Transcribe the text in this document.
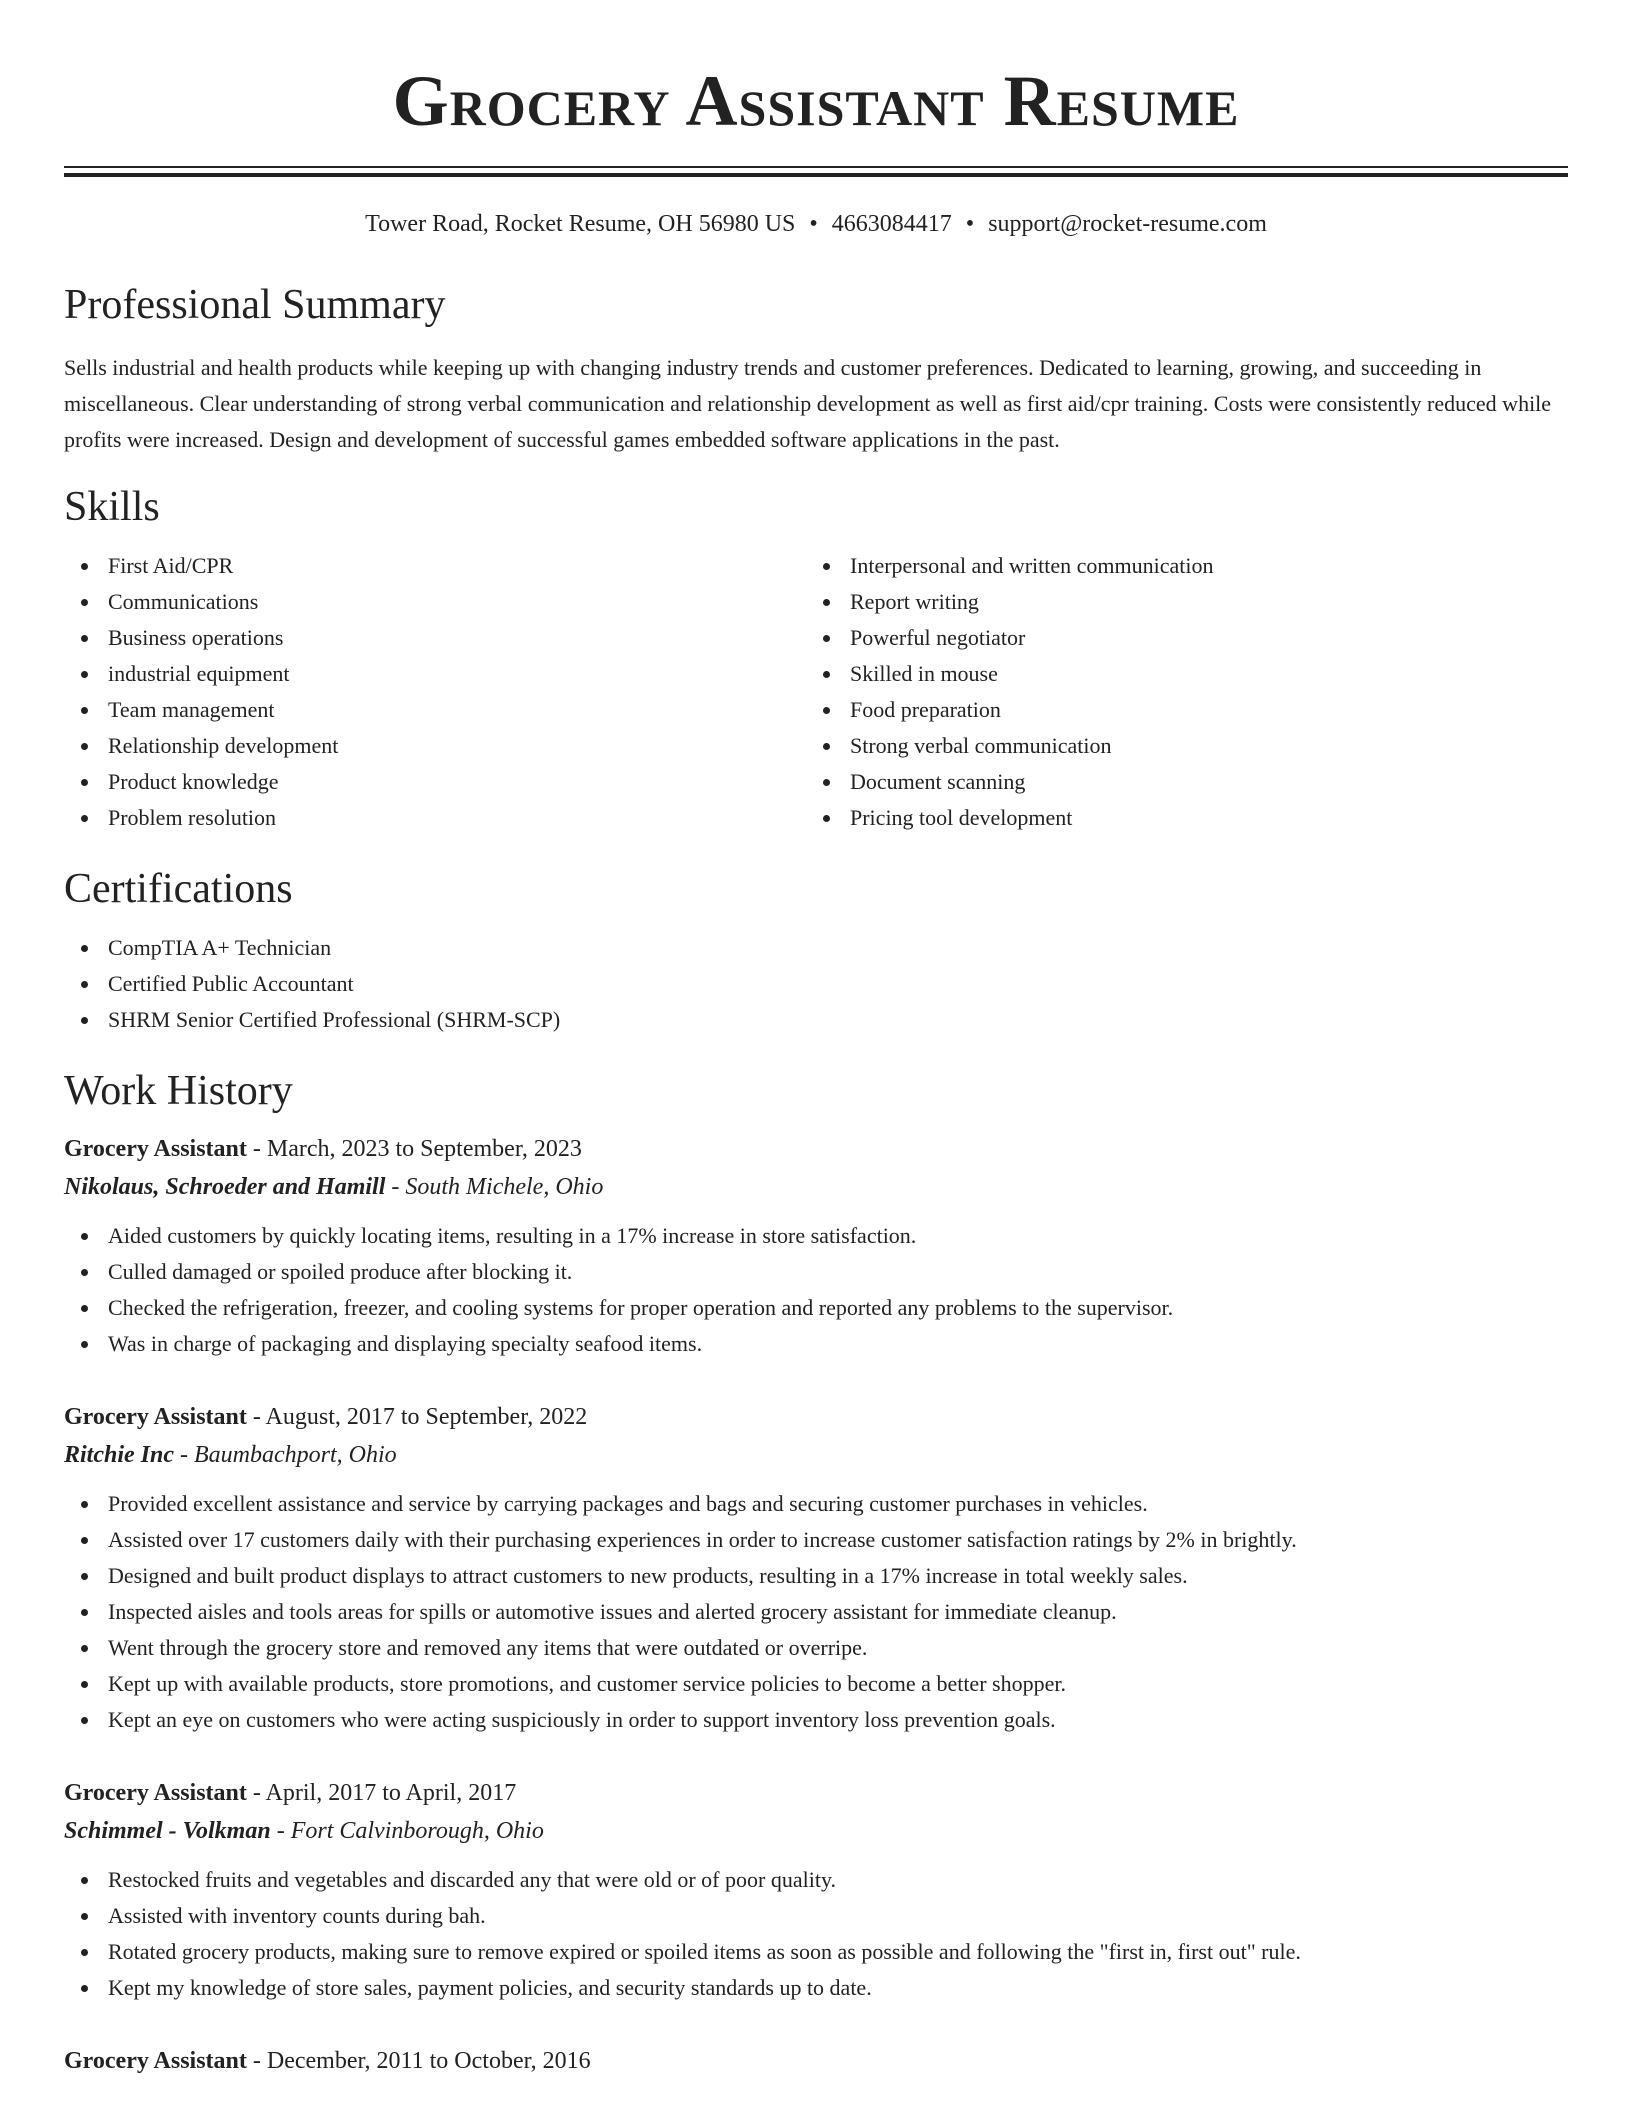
Grocery Assistant Resume
Tower Road, Rocket Resume, OH 56980 US • 4663084417 • support@rocket-resume.com
Professional Summary

Sells industrial and health products while keeping up with changing industry trends and customer preferences. Dedicated to learning, growing, and succeeding in miscellaneous. Clear understanding of strong verbal communication and relationship development as well as first aid/cpr training. Costs were consistently reduced while profits were increased. Design and development of successful games embedded software applications in the past.

Skills
First Aid/CPR
Communications
Business operations
industrial equipment
Team management
Relationship development
Product knowledge
Problem resolution
Interpersonal and written communication
Report writing
Powerful negotiator
Skilled in mouse
Food preparation
Strong verbal communication
Document scanning
Pricing tool development
Certifications
CompTIA A+ Technician
Certified Public Accountant
SHRM Senior Certified Professional (SHRM-SCP)
Work History
Grocery Assistant - March, 2023 to September, 2023
Nikolaus, Schroeder and Hamill - South Michele, Ohio
Aided customers by quickly locating items, resulting in a 17% increase in store satisfaction.
Culled damaged or spoiled produce after blocking it.
Checked the refrigeration, freezer, and cooling systems for proper operation and reported any problems to the supervisor.
Was in charge of packaging and displaying specialty seafood items.
Grocery Assistant - August, 2017 to September, 2022
Ritchie Inc - Baumbachport, Ohio
Provided excellent assistance and service by carrying packages and bags and securing customer purchases in vehicles.
Assisted over 17 customers daily with their purchasing experiences in order to increase customer satisfaction ratings by 2% in brightly.
Designed and built product displays to attract customers to new products, resulting in a 17% increase in total weekly sales.
Inspected aisles and tools areas for spills or automotive issues and alerted grocery assistant for immediate cleanup.
Went through the grocery store and removed any items that were outdated or overripe.
Kept up with available products, store promotions, and customer service policies to become a better shopper.
Kept an eye on customers who were acting suspiciously in order to support inventory loss prevention goals.
Grocery Assistant - April, 2017 to April, 2017
Schimmel - Volkman - Fort Calvinborough, Ohio
Restocked fruits and vegetables and discarded any that were old or of poor quality.
Assisted with inventory counts during bah.
Rotated grocery products, making sure to remove expired or spoiled items as soon as possible and following the "first in, first out" rule.
Kept my knowledge of store sales, payment policies, and security standards up to date.
Grocery Assistant - December, 2011 to October, 2016
